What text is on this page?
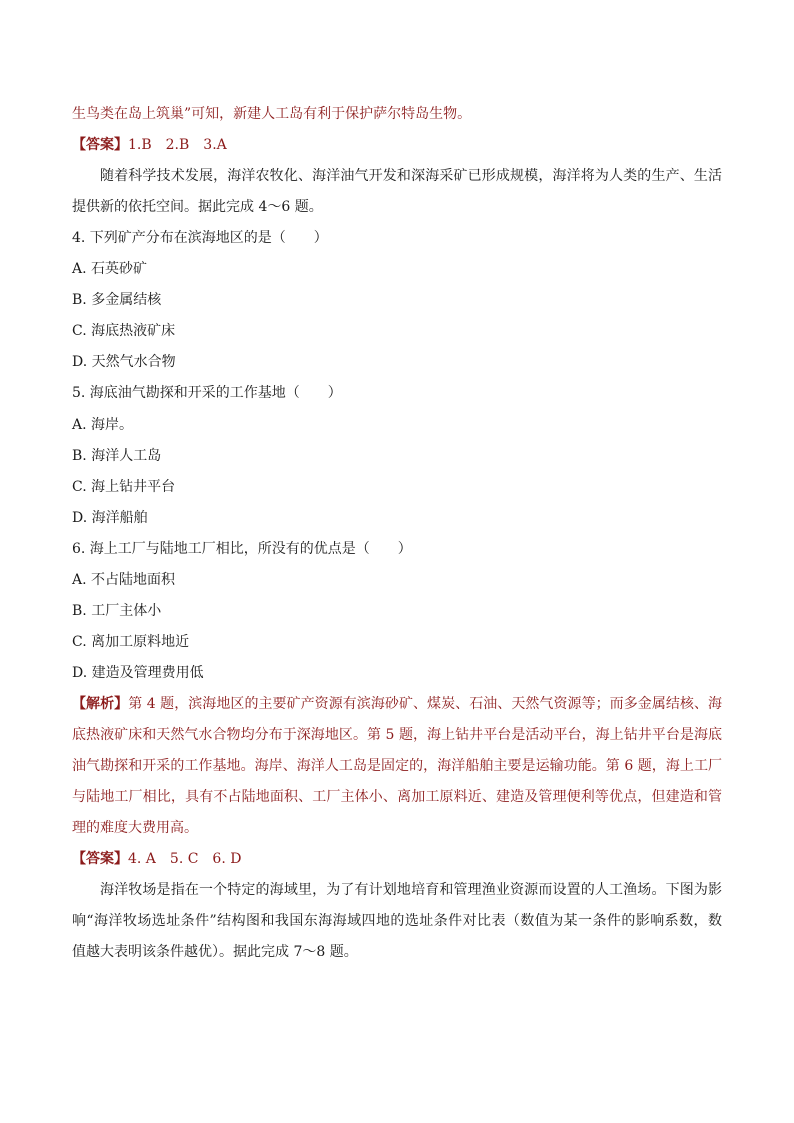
生鸟类在岛上筑巢”可知，新建人工岛有利于保护萨尔特岛生物。
【答案】1.B　2.B　3.A
随着科学技术发展，海洋农牧化、海洋油气开发和深海采矿已形成规模，海洋将为人类的生产、生活
提供新的依托空间。据此完成 4～6 题。
4. 下列矿产分布在滨海地区的是（　　）
A. 石英砂矿
B. 多金属结核
C. 海底热液矿床
D. 天然气水合物
5. 海底油气勘探和开采的工作基地（　　）
A. 海岸。
B. 海洋人工岛
C. 海上钻井平台
D. 海洋船舶
6. 海上工厂与陆地工厂相比，所没有的优点是（　　）
A. 不占陆地面积
B. 工厂主体小
C. 离加工原料地近
D. 建造及管理费用低
【解析】第 4 题，滨海地区的主要矿产资源有滨海砂矿、煤炭、石油、天然气资源等；而多金属结核、海
底热液矿床和天然气水合物均分布于深海地区。第 5 题，海上钻井平台是活动平台，海上钻井平台是海底
油气勘探和开采的工作基地。海岸、海洋人工岛是固定的，海洋船舶主要是运输功能。第 6 题，海上工厂
与陆地工厂相比，具有不占陆地面积、工厂主体小、离加工原料近、建造及管理便利等优点，但建造和管
理的难度大费用高。
【答案】4. A　5. C　6. D
海洋牧场是指在一个特定的海域里，为了有计划地培育和管理渔业资源而设置的人工渔场。下图为影
响“海洋牧场选址条件”结构图和我国东海海域四地的选址条件对比表（数值为某一条件的影响系数，数
值越大表明该条件越优）。据此完成 7～8 题。
